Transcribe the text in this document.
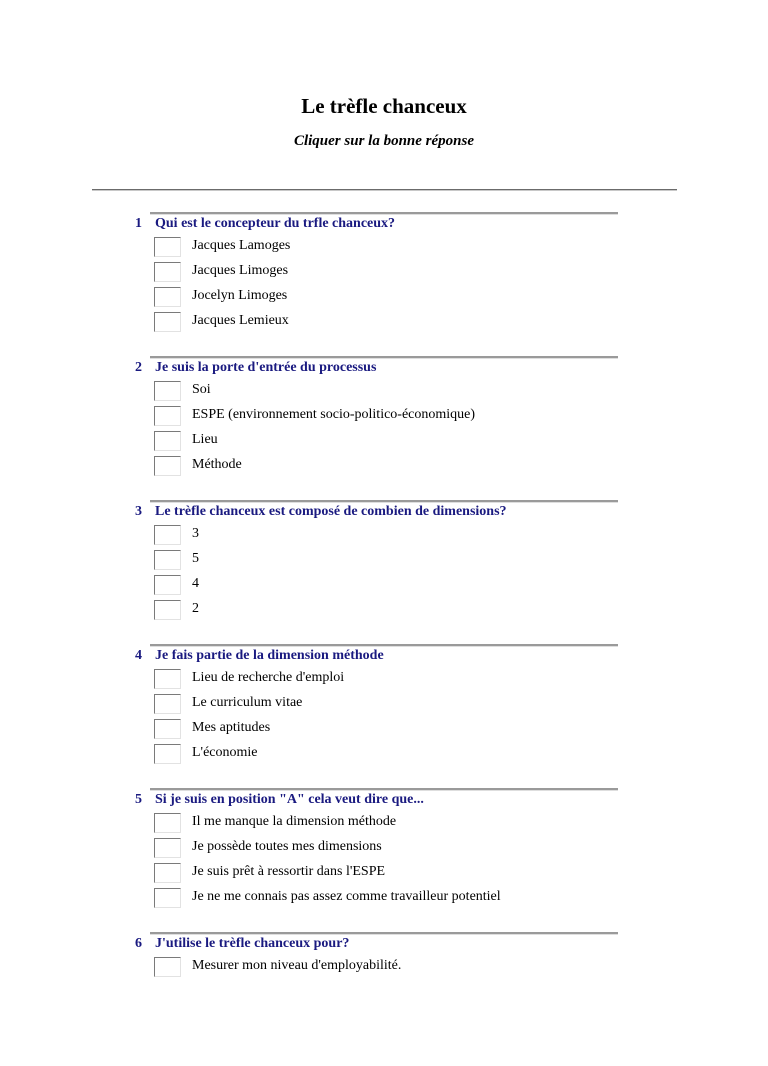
Le trèfle chanceux
Cliquer sur la bonne réponse
1 Qui est le concepteur du trfle chanceux?
Jacques Lamoges
Jacques Limoges
Jocelyn Limoges
Jacques Lemieux
2 Je suis la porte d'entrée du processus
Soi
ESPE (environnement socio-politico-économique)
Lieu
Méthode
3 Le trèfle chanceux est composé de combien de dimensions?
3
5
4
2
4 Je fais partie de la dimension méthode
Lieu de recherche d'emploi
Le curriculum vitae
Mes aptitudes
L'économie
5 Si je suis en position "A" cela veut dire que...
Il me manque la dimension méthode
Je possède toutes mes dimensions
Je suis prêt à ressortir dans l'ESPE
Je ne me connais pas assez comme travailleur potentiel
6 J'utilise le trèfle chanceux pour?
Mesurer mon niveau d'employabilité.
